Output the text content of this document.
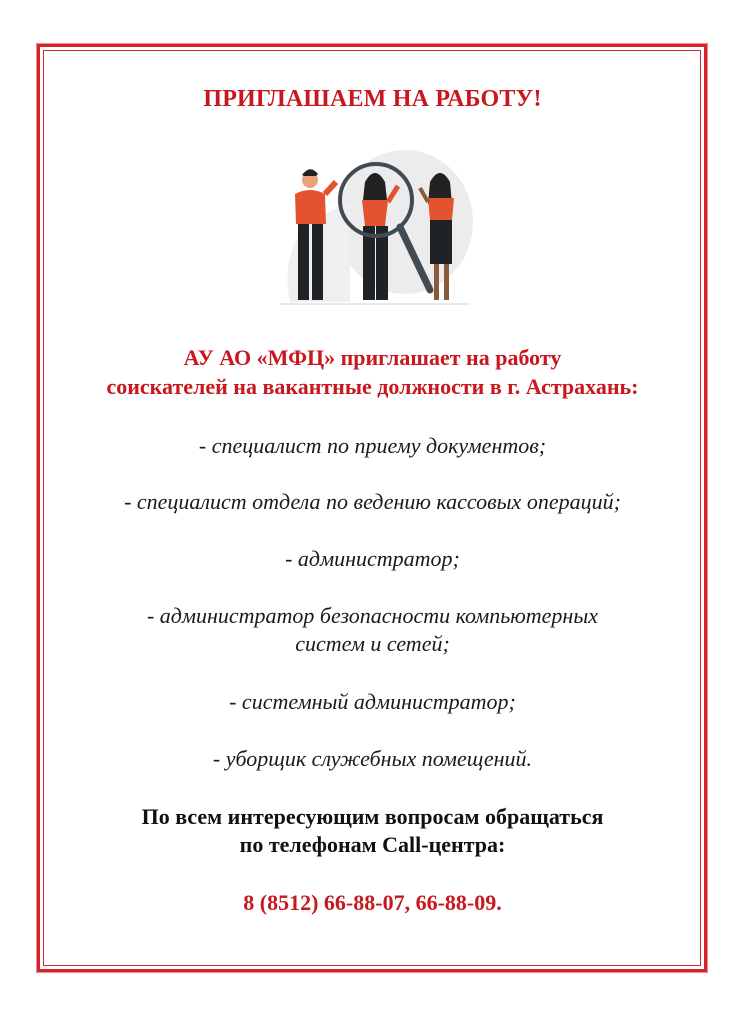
ПРИГЛАШАЕМ НА РАБОТУ!
АУ АО «МФЦ» приглашает на работу
соискателей на вакантные должности в г. Астрахань:
- специалист по приему документов;
- специалист отдела по ведению кассовых операций;
- администратор;
- администратор безопасности компьютерных
систем и сетей;
- системный администратор;
- уборщик служебных помещений.
По всем интересующим вопросам обращаться
по телефонам Call-центра:
8 (8512) 66-88-07, 66-88-09.
